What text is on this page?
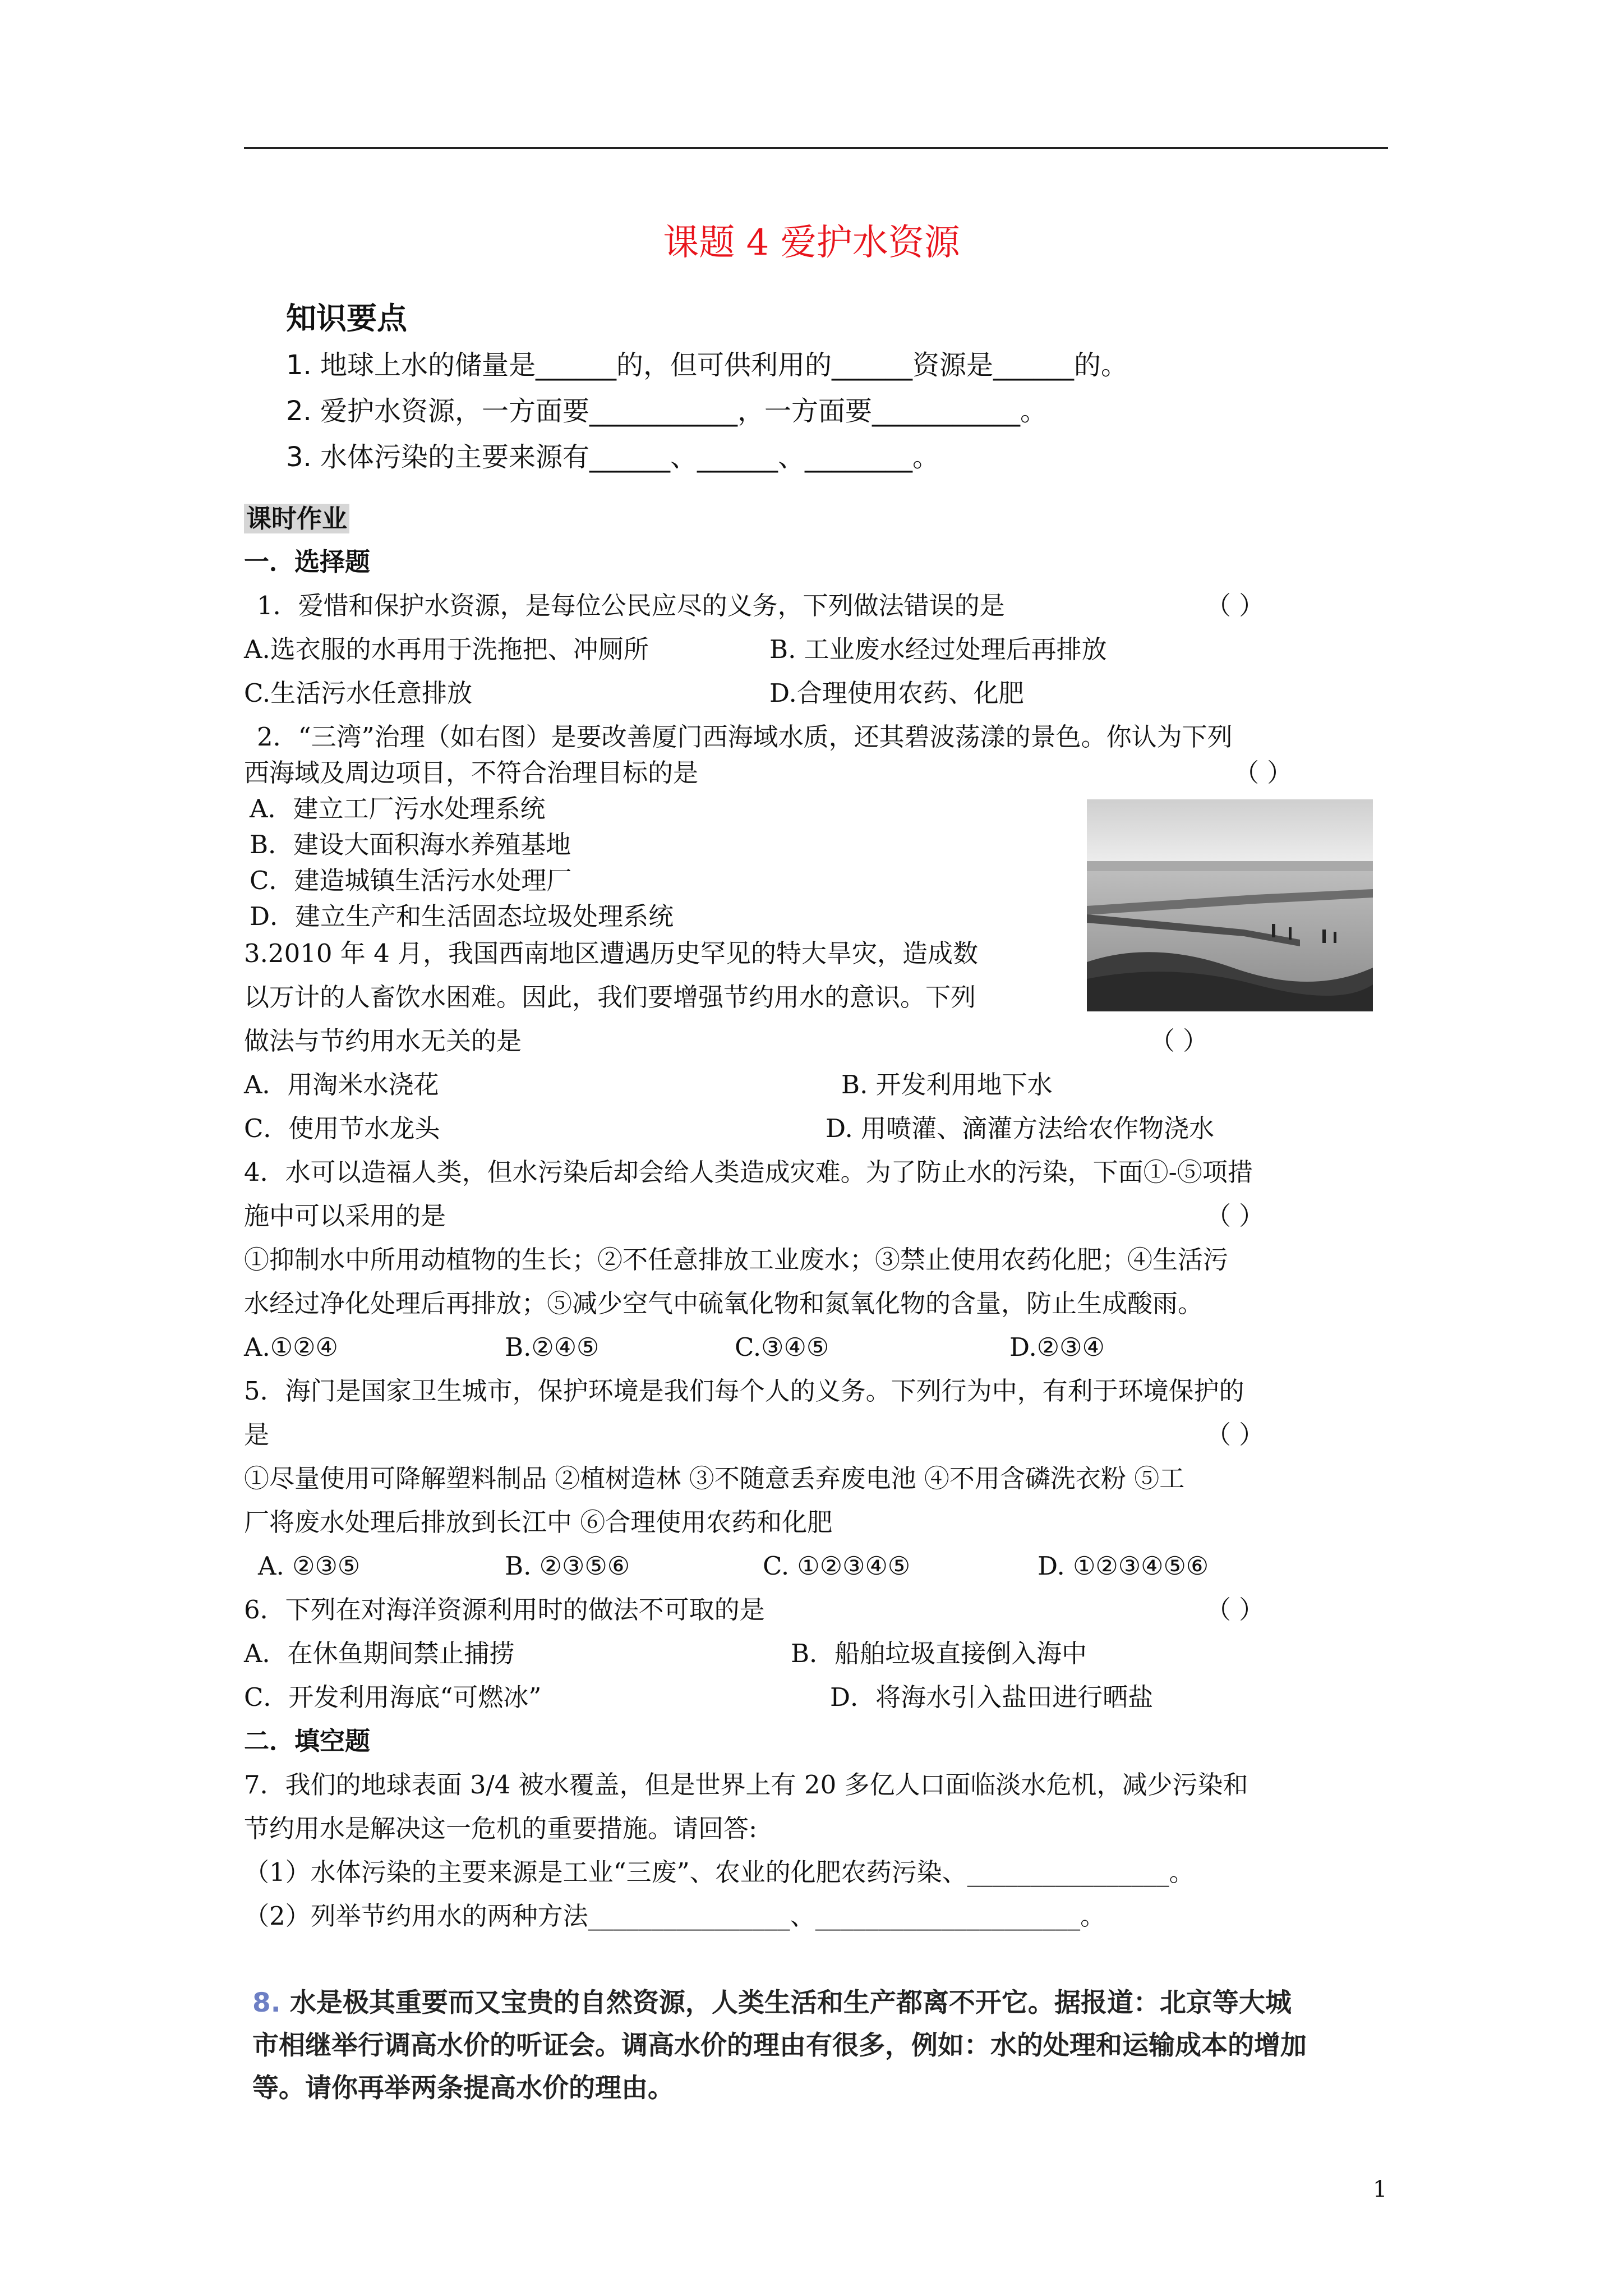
课题 4 爱护水资源
知识要点
1. 地球上水的储量是______的，但可供利用的______资源是______的。
2. 爱护水资源，一方面要___________，一方面要___________。
3. 水体污染的主要来源有______、______、________。
课时作业
一．选择题
1．爱惜和保护水资源，是每位公民应尽的义务，下列做法错误的是	（ ）
A.选衣服的水再用于洗拖把、冲厕所	B. 工业废水经过处理后再排放
C.生活污水任意排放	D.合理使用农药、化肥
2．“三湾”治理（如右图）是要改善厦门西海域水质，还其碧波荡漾的景色。你认为下列
西海域及周边项目，不符合治理目标的是	（ ）
A．建立工厂污水处理系统
B．建设大面积海水养殖基地
C．建造城镇生活污水处理厂
D．建立生产和生活固态垃圾处理系统
3.2010 年 4 月，我国西南地区遭遇历史罕见的特大旱灾，造成数
以万计的人畜饮水困难。因此，我们要增强节约用水的意识。下列
做法与节约用水无关的是	（ ）
A．用淘米水浇花	B. 开发利用地下水
C．使用节水龙头	D. 用喷灌、滴灌方法给农作物浇水
4．水可以造福人类，但水污染后却会给人类造成灾难。为了防止水的污染，下面①-⑤项措
施中可以采用的是	（ ）
①抑制水中所用动植物的生长；②不任意排放工业废水；③禁止使用农药化肥；④生活污
水经过净化处理后再排放；⑤减少空气中硫氧化物和氮氧化物的含量，防止生成酸雨。
A.①②④	B.②④⑤	C.③④⑤	D.②③④
5．海门是国家卫生城市，保护环境是我们每个人的义务。下列行为中，有利于环境保护的
是	（ ）
①尽量使用可降解塑料制品 ②植树造林 ③不随意丢弃废电池 ④不用含磷洗衣粉 ⑤工
厂将废水处理后排放到长江中 ⑥合理使用农药和化肥
A. ②③⑤	B. ②③⑤⑥	C. ①②③④⑤	D. ①②③④⑤⑥
6．下列在对海洋资源利用时的做法不可取的是	（ ）
A．在休鱼期间禁止捕捞	B．船舶垃圾直接倒入海中
C．开发利用海底“可燃冰”	D．将海水引入盐田进行晒盐
二．填空题
7．我们的地球表面 3/4 被水覆盖，但是世界上有 20 多亿人口面临淡水危机，减少污染和
节约用水是解决这一危机的重要措施。请回答:
（1）水体污染的主要来源是工业“三废”、农业的化肥农药污染、________________。
（2）列举节约用水的两种方法________________、_____________________。
8. 水是极其重要而又宝贵的自然资源，人类生活和生产都离不开它。据报道：北京等大城
市相继举行调高水价的听证会。调高水价的理由有很多，例如：水的处理和运输成本的增加
等。请你再举两条提高水价的理由。
1
